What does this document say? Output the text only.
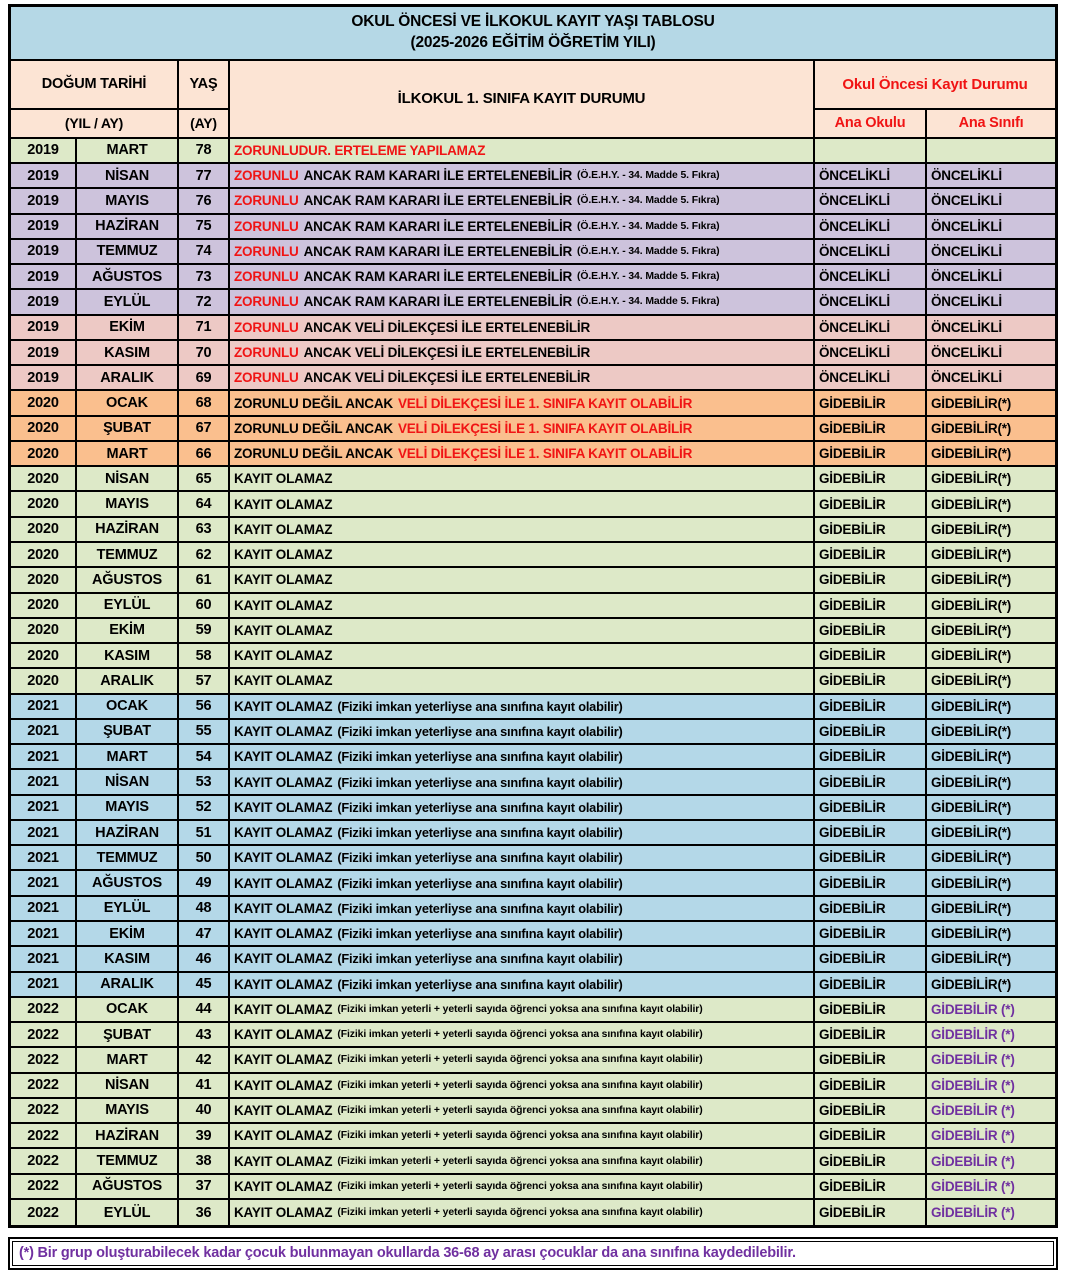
OKUL ÖNCESİ VE İLKOKUL KAYIT YAŞI TABLOSU
(2025-2026 EĞİTİM ÖĞRETİM YILI)
DOĞUM TARİHİ
(YIL / AY)
YAŞ
(AY)
İLKOKUL 1. SINIFA KAYIT DURUMU
Okul Öncesi Kayıt Durumu
Ana Okulu	Ana Sınıfı
2019	MART	78	ZORUNLUDUR. ERTELEME YAPILAMAZ
2019	NİSAN	77	ZORUNLU ANCAK RAM KARARI İLE ERTELENEBİLİR (Ö.E.H.Y. - 34. Madde 5. Fıkra)	ÖNCELİKLİ	ÖNCELİKLİ
2019	MAYIS	76	ZORUNLU ANCAK RAM KARARI İLE ERTELENEBİLİR (Ö.E.H.Y. - 34. Madde 5. Fıkra)	ÖNCELİKLİ	ÖNCELİKLİ
2019	HAZİRAN	75	ZORUNLU ANCAK RAM KARARI İLE ERTELENEBİLİR (Ö.E.H.Y. - 34. Madde 5. Fıkra)	ÖNCELİKLİ	ÖNCELİKLİ
2019	TEMMUZ	74	ZORUNLU ANCAK RAM KARARI İLE ERTELENEBİLİR (Ö.E.H.Y. - 34. Madde 5. Fıkra)	ÖNCELİKLİ	ÖNCELİKLİ
2019	AĞUSTOS	73	ZORUNLU ANCAK RAM KARARI İLE ERTELENEBİLİR (Ö.E.H.Y. - 34. Madde 5. Fıkra)	ÖNCELİKLİ	ÖNCELİKLİ
2019	EYLÜL	72	ZORUNLU ANCAK RAM KARARI İLE ERTELENEBİLİR (Ö.E.H.Y. - 34. Madde 5. Fıkra)	ÖNCELİKLİ	ÖNCELİKLİ
2019	EKİM	71	ZORUNLU ANCAK VELİ DİLEKÇESİ İLE ERTELENEBİLİR	ÖNCELİKLİ	ÖNCELİKLİ
2019	KASIM	70	ZORUNLU ANCAK VELİ DİLEKÇESİ İLE ERTELENEBİLİR	ÖNCELİKLİ	ÖNCELİKLİ
2019	ARALIK	69	ZORUNLU ANCAK VELİ DİLEKÇESİ İLE ERTELENEBİLİR	ÖNCELİKLİ	ÖNCELİKLİ
2020	OCAK	68	ZORUNLU DEĞİL ANCAK VELİ DİLEKÇESİ İLE 1. SINIFA KAYIT OLABİLİR	GİDEBİLİR	GİDEBİLİR(*)
2020	ŞUBAT	67	ZORUNLU DEĞİL ANCAK VELİ DİLEKÇESİ İLE 1. SINIFA KAYIT OLABİLİR	GİDEBİLİR	GİDEBİLİR(*)
2020	MART	66	ZORUNLU DEĞİL ANCAK VELİ DİLEKÇESİ İLE 1. SINIFA KAYIT OLABİLİR	GİDEBİLİR	GİDEBİLİR(*)
2020	NİSAN	65	KAYIT OLAMAZ	GİDEBİLİR	GİDEBİLİR(*)
2020	MAYIS	64	KAYIT OLAMAZ	GİDEBİLİR	GİDEBİLİR(*)
2020	HAZİRAN	63	KAYIT OLAMAZ	GİDEBİLİR	GİDEBİLİR(*)
2020	TEMMUZ	62	KAYIT OLAMAZ	GİDEBİLİR	GİDEBİLİR(*)
2020	AĞUSTOS	61	KAYIT OLAMAZ	GİDEBİLİR	GİDEBİLİR(*)
2020	EYLÜL	60	KAYIT OLAMAZ	GİDEBİLİR	GİDEBİLİR(*)
2020	EKİM	59	KAYIT OLAMAZ	GİDEBİLİR	GİDEBİLİR(*)
2020	KASIM	58	KAYIT OLAMAZ	GİDEBİLİR	GİDEBİLİR(*)
2020	ARALIK	57	KAYIT OLAMAZ	GİDEBİLİR	GİDEBİLİR(*)
2021	OCAK	56	KAYIT OLAMAZ (Fiziki imkan yeterliyse ana sınıfına kayıt olabilir)	GİDEBİLİR	GİDEBİLİR(*)
2021	ŞUBAT	55	KAYIT OLAMAZ (Fiziki imkan yeterliyse ana sınıfına kayıt olabilir)	GİDEBİLİR	GİDEBİLİR(*)
2021	MART	54	KAYIT OLAMAZ (Fiziki imkan yeterliyse ana sınıfına kayıt olabilir)	GİDEBİLİR	GİDEBİLİR(*)
2021	NİSAN	53	KAYIT OLAMAZ (Fiziki imkan yeterliyse ana sınıfına kayıt olabilir)	GİDEBİLİR	GİDEBİLİR(*)
2021	MAYIS	52	KAYIT OLAMAZ (Fiziki imkan yeterliyse ana sınıfına kayıt olabilir)	GİDEBİLİR	GİDEBİLİR(*)
2021	HAZİRAN	51	KAYIT OLAMAZ (Fiziki imkan yeterliyse ana sınıfına kayıt olabilir)	GİDEBİLİR	GİDEBİLİR(*)
2021	TEMMUZ	50	KAYIT OLAMAZ (Fiziki imkan yeterliyse ana sınıfına kayıt olabilir)	GİDEBİLİR	GİDEBİLİR(*)
2021	AĞUSTOS	49	KAYIT OLAMAZ (Fiziki imkan yeterliyse ana sınıfına kayıt olabilir)	GİDEBİLİR	GİDEBİLİR(*)
2021	EYLÜL	48	KAYIT OLAMAZ (Fiziki imkan yeterliyse ana sınıfına kayıt olabilir)	GİDEBİLİR	GİDEBİLİR(*)
2021	EKİM	47	KAYIT OLAMAZ (Fiziki imkan yeterliyse ana sınıfına kayıt olabilir)	GİDEBİLİR	GİDEBİLİR(*)
2021	KASIM	46	KAYIT OLAMAZ (Fiziki imkan yeterliyse ana sınıfına kayıt olabilir)	GİDEBİLİR	GİDEBİLİR(*)
2021	ARALIK	45	KAYIT OLAMAZ (Fiziki imkan yeterliyse ana sınıfına kayıt olabilir)	GİDEBİLİR	GİDEBİLİR(*)
2022	OCAK	44	KAYIT OLAMAZ (Fiziki imkan yeterli + yeterli sayıda öğrenci yoksa ana sınıfına kayıt olabilir)	GİDEBİLİR	GİDEBİLİR (*)
2022	ŞUBAT	43	KAYIT OLAMAZ (Fiziki imkan yeterli + yeterli sayıda öğrenci yoksa ana sınıfına kayıt olabilir)	GİDEBİLİR	GİDEBİLİR (*)
2022	MART	42	KAYIT OLAMAZ (Fiziki imkan yeterli + yeterli sayıda öğrenci yoksa ana sınıfına kayıt olabilir)	GİDEBİLİR	GİDEBİLİR (*)
2022	NİSAN	41	KAYIT OLAMAZ (Fiziki imkan yeterli + yeterli sayıda öğrenci yoksa ana sınıfına kayıt olabilir)	GİDEBİLİR	GİDEBİLİR (*)
2022	MAYIS	40	KAYIT OLAMAZ (Fiziki imkan yeterli + yeterli sayıda öğrenci yoksa ana sınıfına kayıt olabilir)	GİDEBİLİR	GİDEBİLİR (*)
2022	HAZİRAN	39	KAYIT OLAMAZ (Fiziki imkan yeterli + yeterli sayıda öğrenci yoksa ana sınıfına kayıt olabilir)	GİDEBİLİR	GİDEBİLİR (*)
2022	TEMMUZ	38	KAYIT OLAMAZ (Fiziki imkan yeterli + yeterli sayıda öğrenci yoksa ana sınıfına kayıt olabilir)	GİDEBİLİR	GİDEBİLİR (*)
2022	AĞUSTOS	37	KAYIT OLAMAZ (Fiziki imkan yeterli + yeterli sayıda öğrenci yoksa ana sınıfına kayıt olabilir)	GİDEBİLİR	GİDEBİLİR (*)
2022	EYLÜL	36	KAYIT OLAMAZ (Fiziki imkan yeterli + yeterli sayıda öğrenci yoksa ana sınıfına kayıt olabilir)	GİDEBİLİR	GİDEBİLİR (*)
(*) Bir grup oluşturabilecek kadar çocuk bulunmayan okullarda 36-68 ay arası çocuklar da ana sınıfına kaydedilebilir.
